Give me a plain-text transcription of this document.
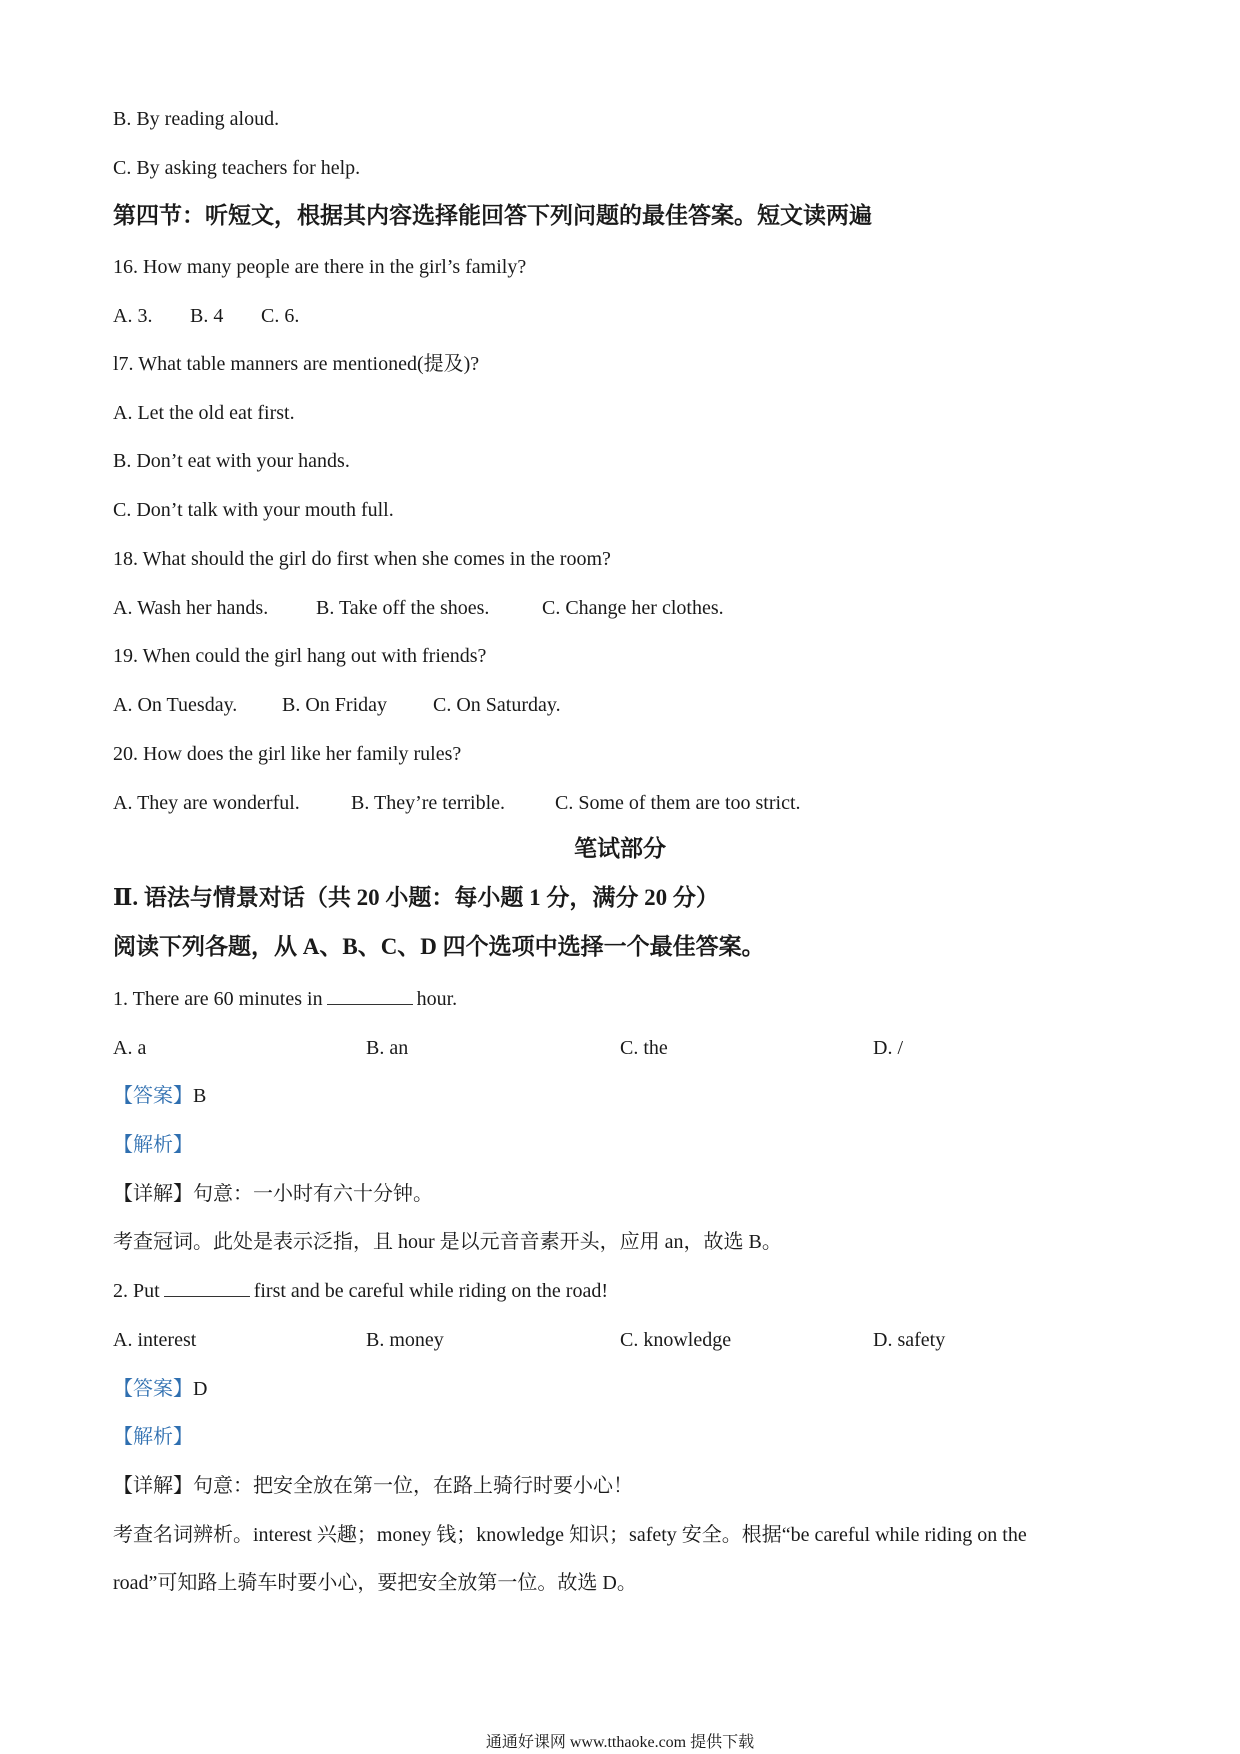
B. By reading aloud.
C. By asking teachers for help.
第四节：听短文，根据其内容选择能回答下列问题的最佳答案。短文读两遍
16. How many people are there in the girl’s family?
A. 3. B. 4 C. 6.
l7. What table manners are mentioned(提及)?
A. Let the old eat first.
B. Don’t eat with your hands.
C. Don’t talk with your mouth full.
18. What should the girl do first when she comes in the room?
A. Wash her hands. B. Take off the shoes.	C. Change her clothes.
19. When could the girl hang out with friends?
A. On Tuesday. B. On Friday C. On Saturday.
20. How does the girl like her family rules?
A. They are wonderful.	B. They’re terrible. C. Some of them are too strict.
笔试部分
Ⅱ. 语法与情景对话（共 20 小题：每小题 1 分，满分 20 分）
阅读下列各题，从 A、B、C、D 四个选项中选择一个最佳答案。
1. There are 60 minutes in	hour.
A. a	B. an	C. the	D. /
【答案】B
【解析】
【详解】句意：一小时有六十分钟。
考查冠词。此处是表示泛指，且 hour 是以元音音素开头，应用 an，故选 B。
2. Put	first and be careful while riding on the road!
A. interest	B. money	C. knowledge	D. safety
【答案】D
【解析】
【详解】句意：把安全放在第一位，在路上骑行时要小心！
考查名词辨析。interest 兴趣；money 钱；knowledge 知识；safety 安全。根据“be careful while riding on the
road”可知路上骑车时要小心，要把安全放第一位。故选 D。
通通好课网 www.tthaoke.com 提供下载
